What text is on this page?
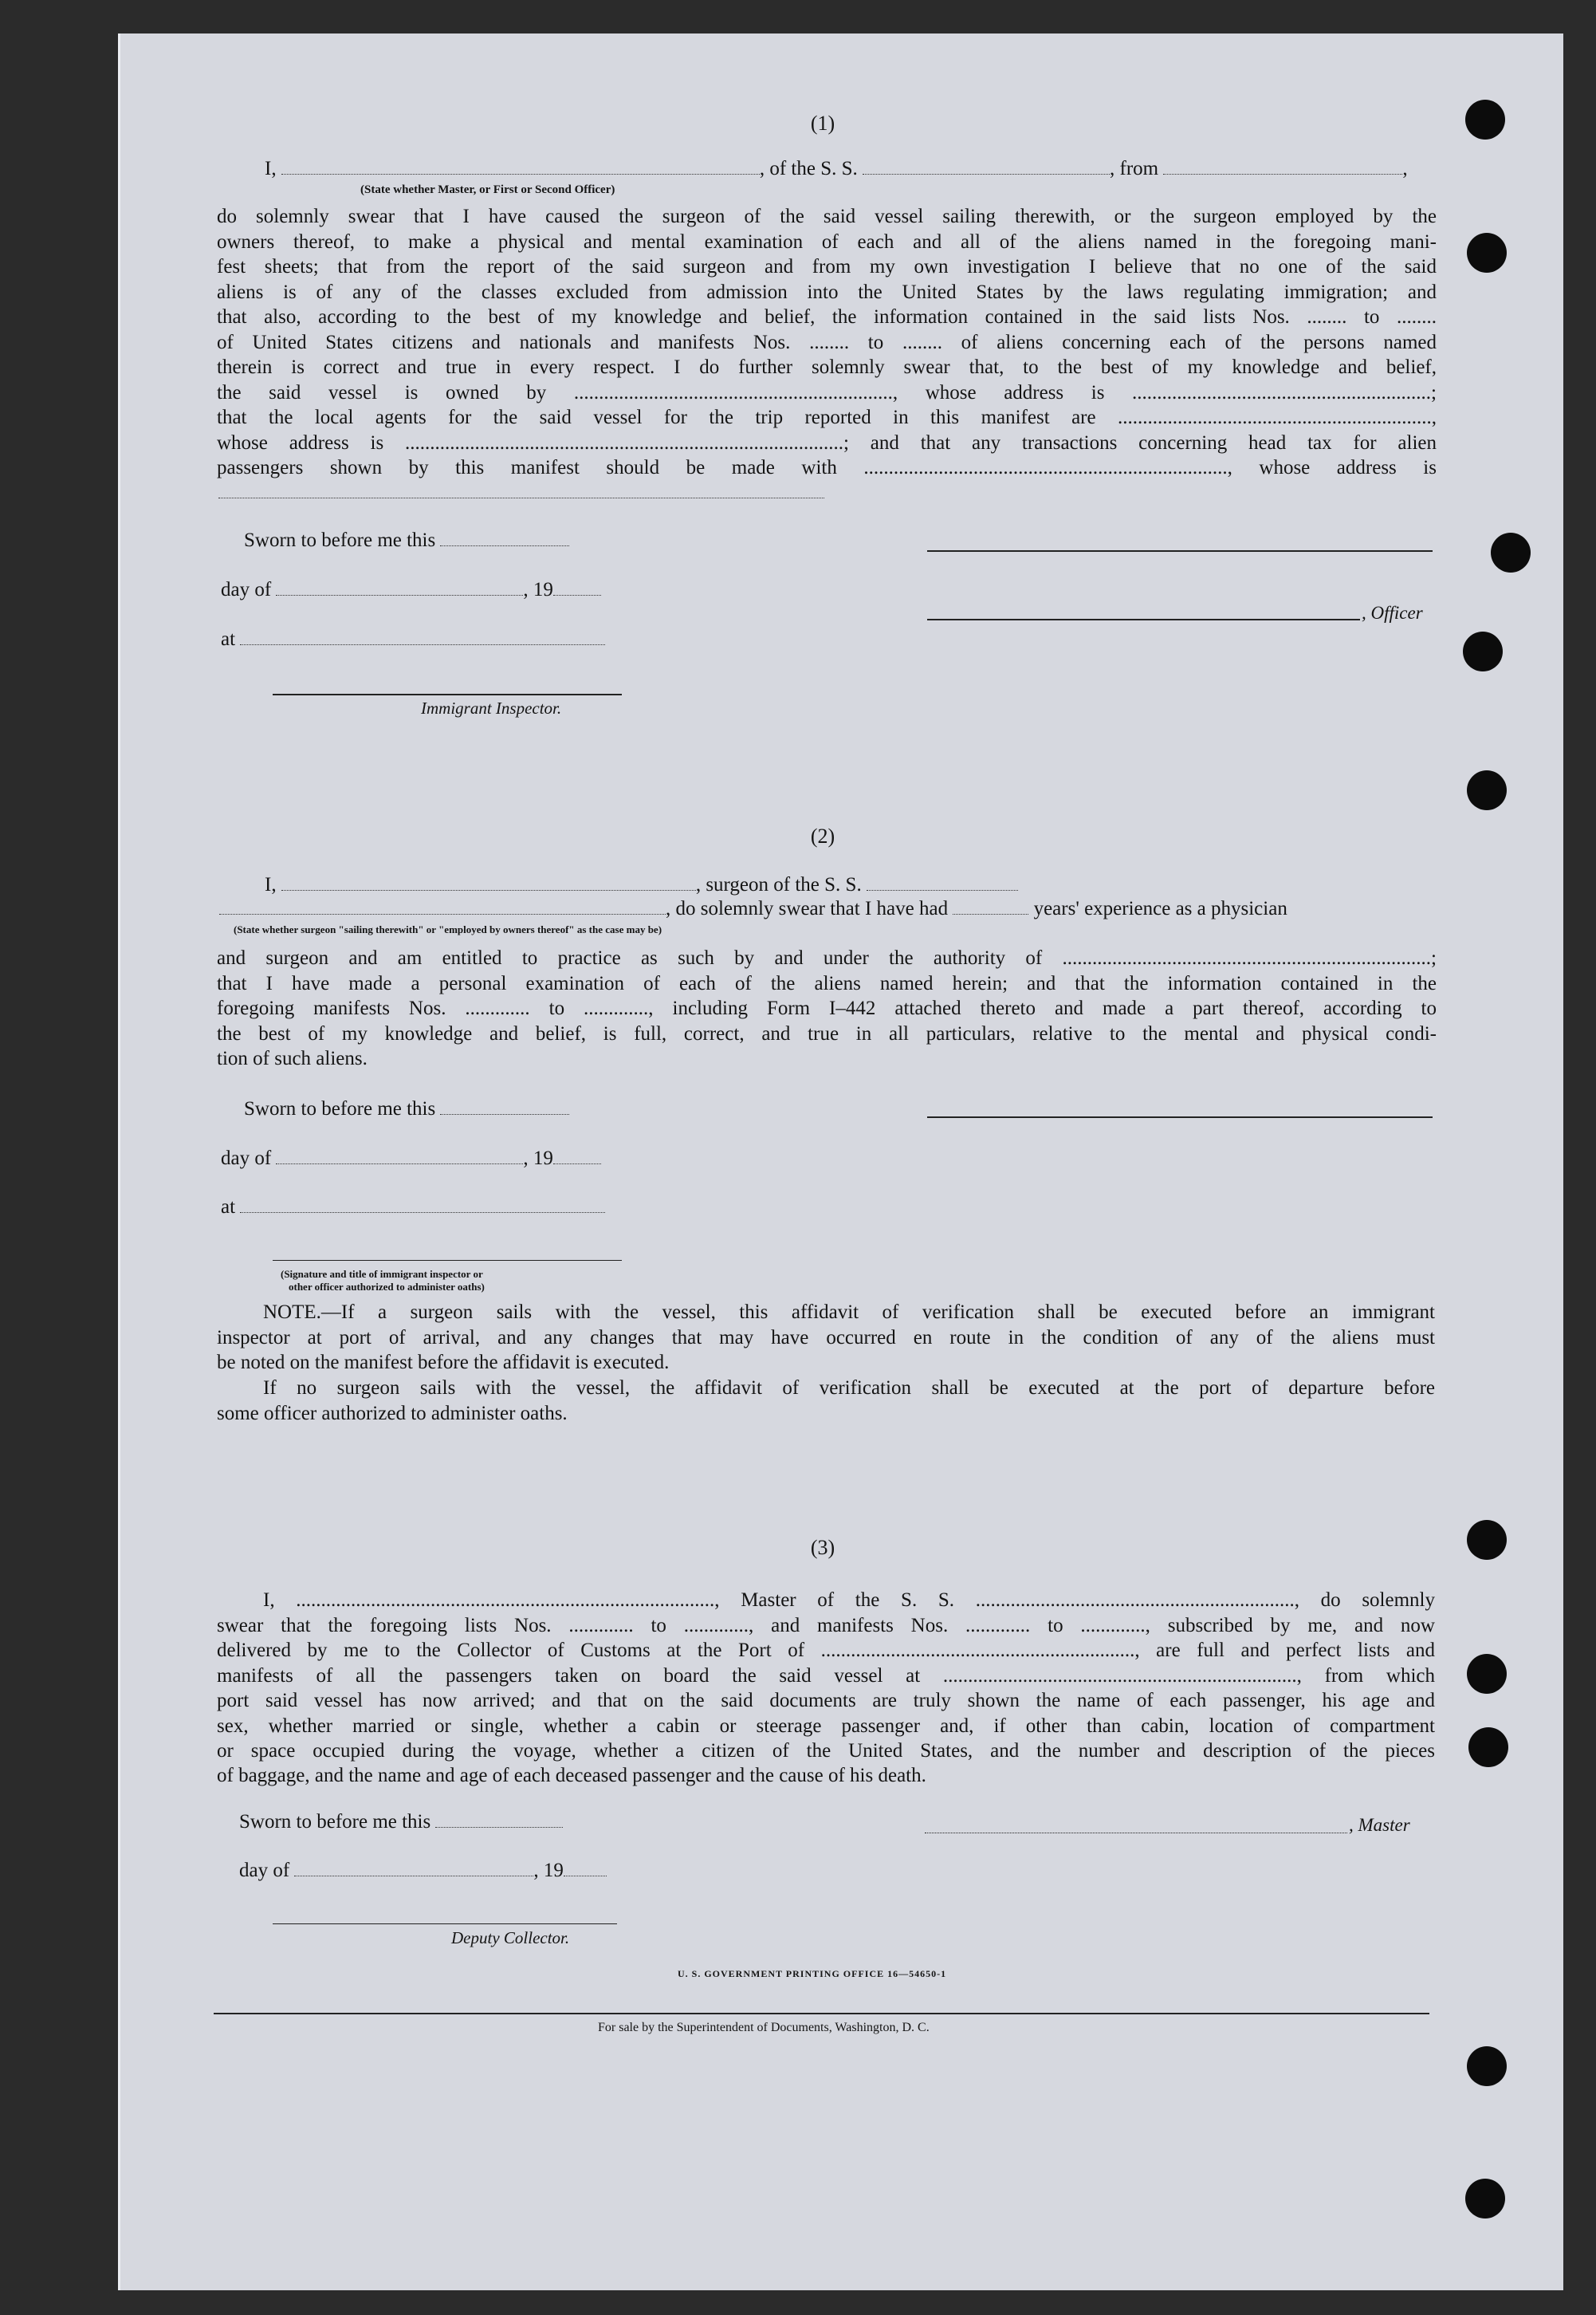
(1)
I,	, of the S. S.	, from	,
(State whether Master, or First or Second Officer)
do solemnly swear that I have caused the surgeon of the said vessel sailing therewith, or the surgeon employed by the
owners thereof, to make a physical and mental examination of each and all of the aliens named in the foregoing mani-
fest sheets; that from the report of the said surgeon and from my own investigation I believe that no one of the said
aliens is of any of the classes excluded from admission into the United States by the laws regulating immigration; and
that also, according to the best of my knowledge and belief, the information contained in the said lists Nos. ........ to ........
of United States citizens and nationals and manifests Nos. ........ to ........ of aliens concerning each of the persons named
therein is correct and true in every respect. I do further solemnly swear that, to the best of my knowledge and belief,
the said vessel is owned by ................................................................, whose address is ............................................................;
that the local agents for the said vessel for the trip reported in this manifest are ...............................................................,
whose address is ........................................................................................; and that any transactions concerning head tax for alien
passengers shown by this manifest should be made with ........................................................................., whose address is
Sworn to before me this
day of	, 19
at
Immigrant Inspector.
, Officer
(2)
I,	, surgeon of the S. S.
, do solemnly swear that I have had	years' experience as a physician
(State whether surgeon "sailing therewith" or "employed by owners thereof" as the case may be)
and surgeon and am entitled to practice as such by and under the authority of ..........................................................................;
that I have made a personal examination of each of the aliens named herein; and that the information contained in the
foregoing manifests Nos. ............. to ............., including Form I–442 attached thereto and made a part thereof, according to
the best of my knowledge and belief, is full, correct, and true in all particulars, relative to the mental and physical condi-
tion of such aliens.
Sworn to before me this
day of	, 19
at
(Signature and title of immigrant inspector or
other officer authorized to administer oaths)
NOTE.—If a surgeon sails with the vessel, this affidavit of verification shall be executed before an immigrant
inspector at port of arrival, and any changes that may have occurred en route in the condition of any of the aliens must
be noted on the manifest before the affidavit is executed.
If no surgeon sails with the vessel, the affidavit of verification shall be executed at the port of departure before
some officer authorized to administer oaths.
(3)
I, ...................................................................................., Master of the S. S. ................................................................, do solemnly
swear that the foregoing lists Nos. ............. to ............., and manifests Nos. ............. to ............., subscribed by me, and now
delivered by me to the Collector of Customs at the Port of ..............................................................., are full and perfect lists and
manifests of all the passengers taken on board the said vessel at ......................................................................., from which
port said vessel has now arrived; and that on the said documents are truly shown the name of each passenger, his age and
sex, whether married or single, whether a cabin or steerage passenger and, if other than cabin, location of compartment
or space occupied during the voyage, whether a citizen of the United States, and the number and description of the pieces
of baggage, and the name and age of each deceased passenger and the cause of his death.
Sworn to before me this
day of	, 19
Deputy Collector.
, Master
U. S. GOVERNMENT PRINTING OFFICE 16—54650-1
For sale by the Superintendent of Documents, Washington, D. C.
